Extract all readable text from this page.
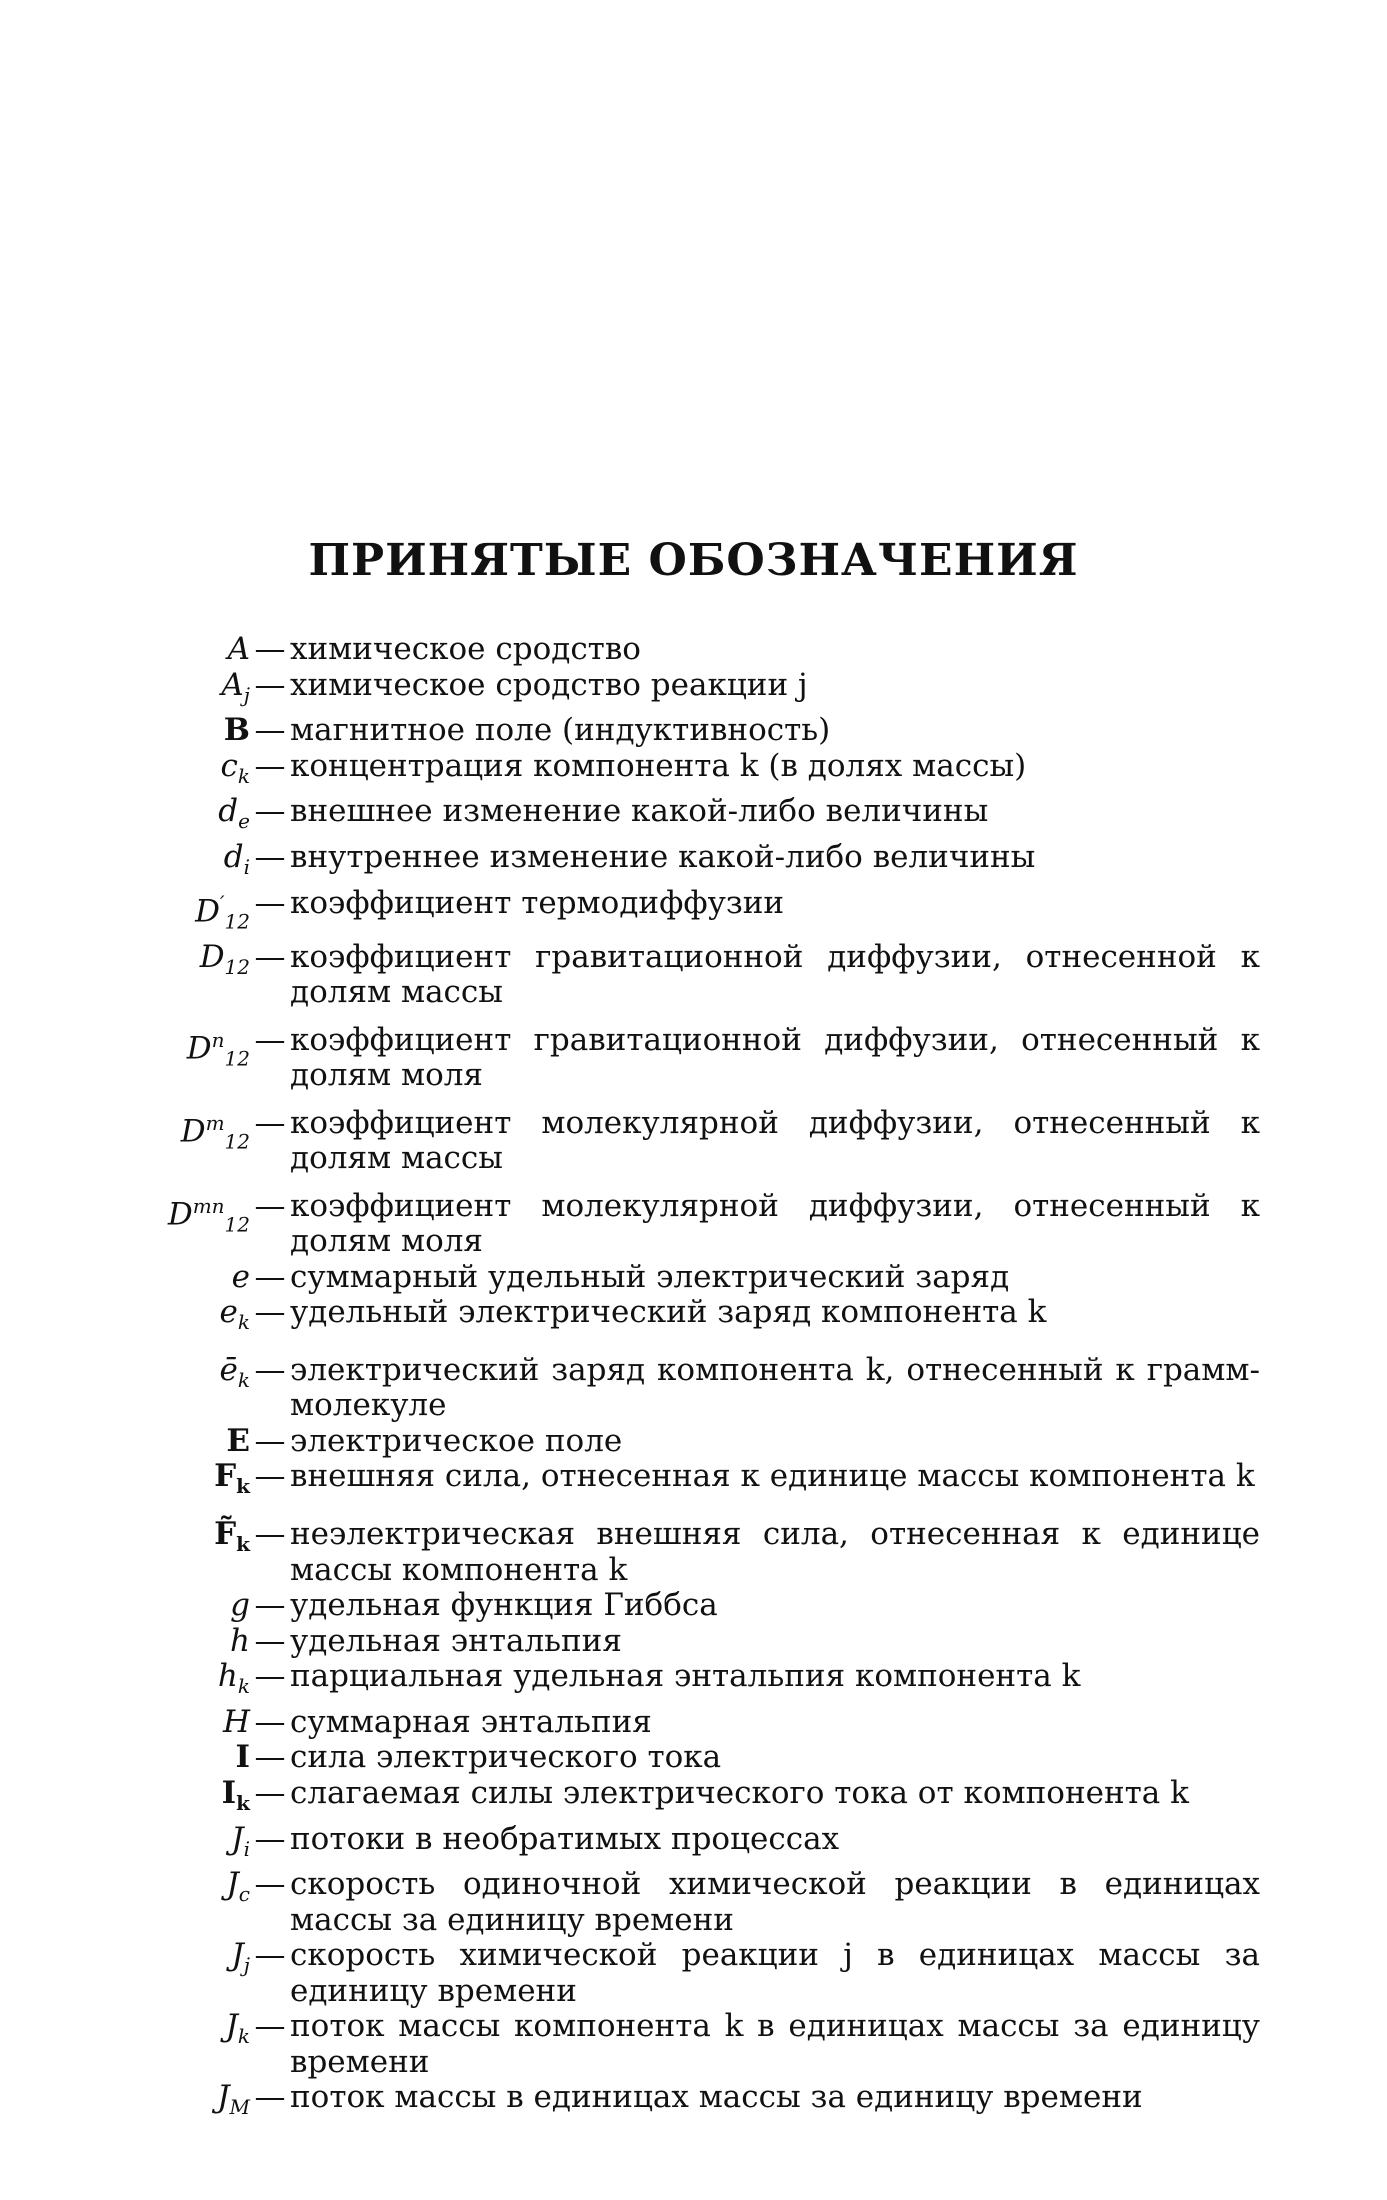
ПРИНЯТЫЕ ОБОЗНАЧЕНИЯ
A — химическое сродство
$A_j$ — химическое сродство реакции j
B — магнитное поле (индуктивность)
$c_k$ — концентрация компонента k (в долях массы)
$d_e$ — внешнее изменение какой-либо величины
$d_i$ — внутреннее изменение какой-либо величины
$D'_{12}$
— коэффициент термодиффузии
$D_{12}$ — коэффициент гравитационной диффузии, отнесенной к долям массы
$D^n_{12}$
— коэффициент гравитационной диффузии, отнесенный к долям моля
$D^m_{12}$
— коэффициент молекулярной диффузии, отнесенный к долям массы
$D^{mn}_{12}$
— коэффициент молекулярной диффузии, отнесенный к долям моля
e — суммарный удельный электрический заряд
$e_k$ — удельный электрический заряд компонента k
$ē_k$ — электрический заряд компонента k, отнесенный к грамм-молекуле
E — электрическое поле
$F_k$ — внешняя сила, отнесенная к единице массы компонента k
$F̃_k$ — неэлектрическая внешняя сила, отнесенная к единице массы компонента k
g — удельная функция Гиббса
h — удельная энтальпия
$h_k$ — парциальная удельная энтальпия компонента k
H — суммарная энтальпия
I — сила электрического тока
$I_k$ — слагаемая силы электрического тока от компонента k
$J_i$ — потоки в необратимых процессах
$J_c$ — скорость одиночной химической реакции в единицах массы за единицу времени
$J_j$ — скорость химической реакции j в единицах массы за единицу времени
$J_k$ — поток массы компонента k в единицах массы за единицу времени
$J_M$ — поток массы в единицах массы за единицу времени
